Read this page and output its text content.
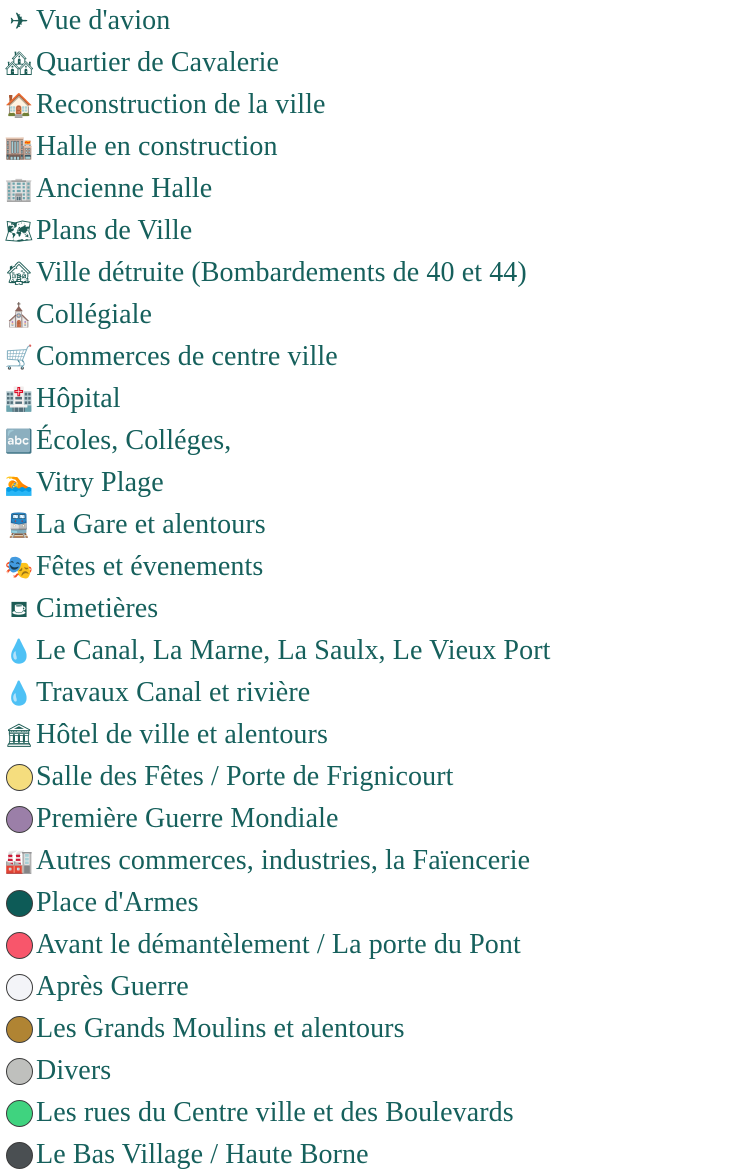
✈ Vue d'avion
🏘 Quartier de Cavalerie
🏠 Reconstruction de la ville
🏬 Halle en construction
🏢 Ancienne Halle
🗺 Plans de Ville
🏚 Ville détruite (Bombardements de 40 et 44)
⛪ Collégiale
🛒 Commerces de centre ville
🏥 Hôpital
🔤 Écoles, Colléges,
🏊 Vitry Plage
🚆 La Gare et alentours
🎭 Fêtes et évenements
⛾ Cimetières
💧 Le Canal, La Marne, La Saulx, Le Vieux Port
💧 Travaux Canal et rivière
🏛 Hôtel de ville et alentours
Salle des Fêtes / Porte de Frignicourt
Première Guerre Mondiale
🏭 Autres commerces, industries, la Faïencerie
Place d'Armes
Avant le démantèlement / La porte du Pont
Après Guerre
Les Grands Moulins et alentours
Divers
Les rues du Centre ville et des Boulevards
Le Bas Village / Haute Borne
